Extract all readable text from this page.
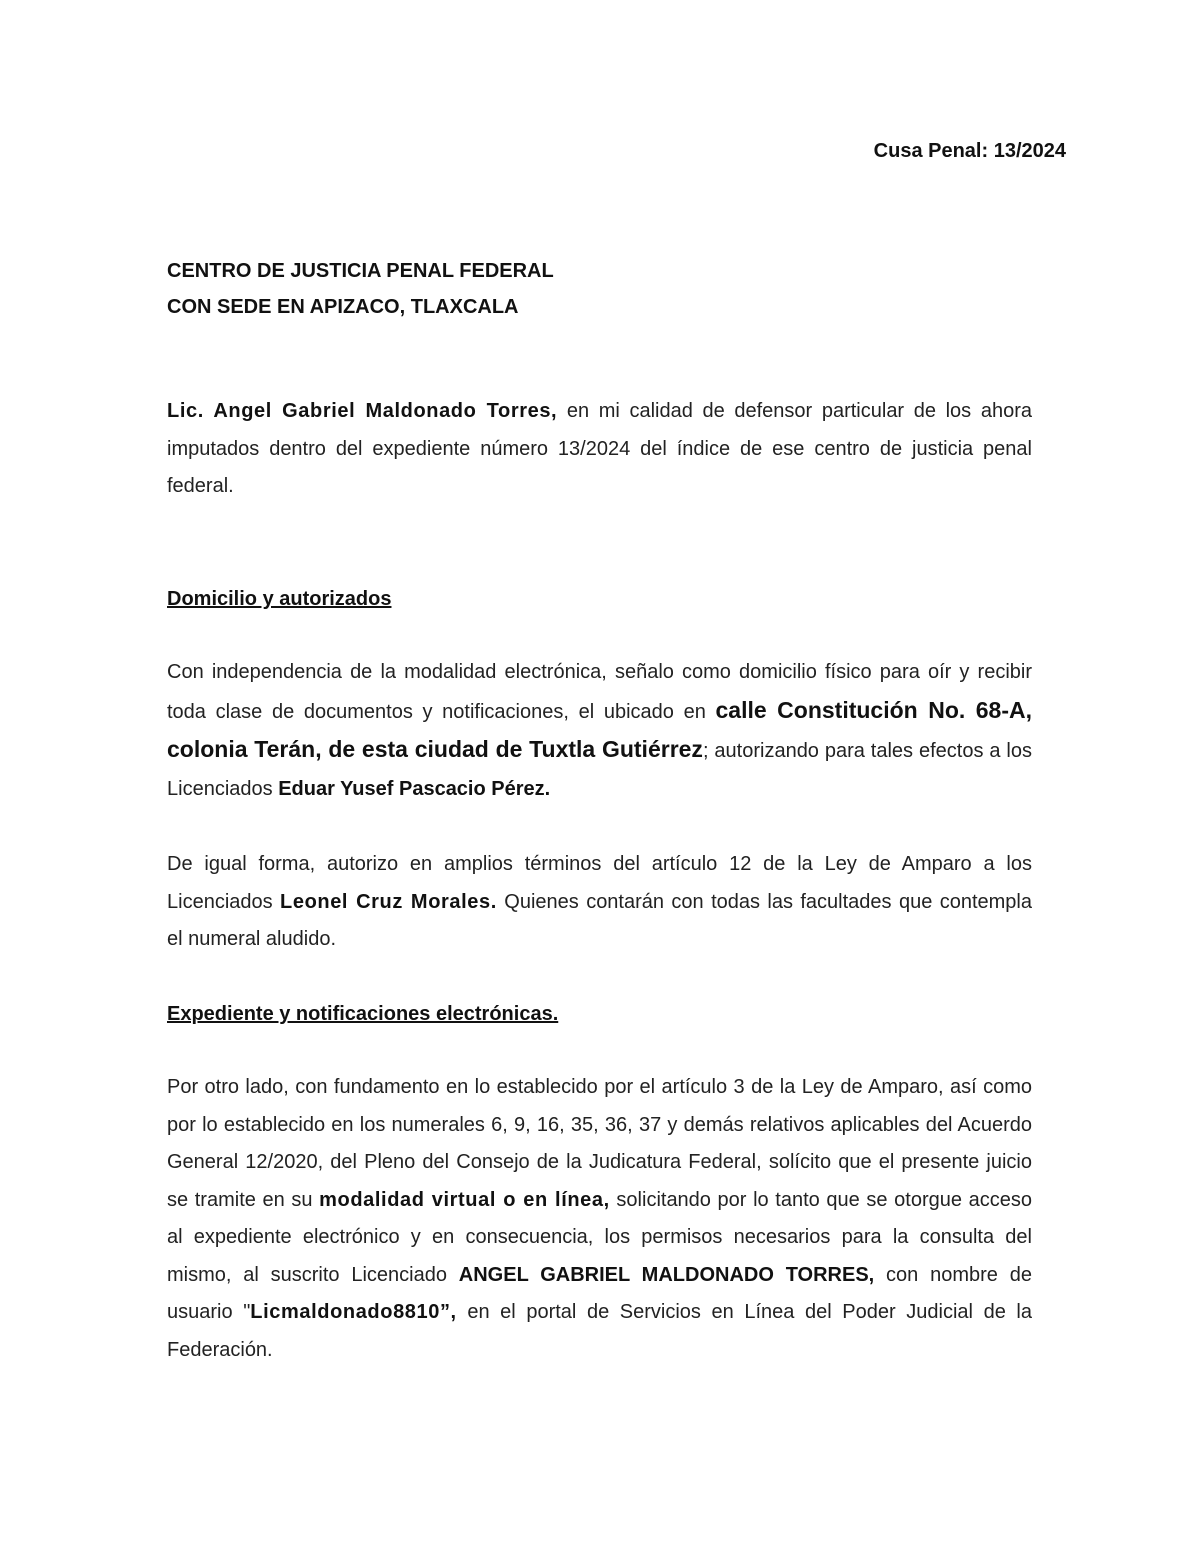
Cusa Penal: 13/2024
CENTRO DE JUSTICIA PENAL FEDERAL
CON SEDE EN APIZACO, TLAXCALA

Lic. Angel Gabriel Maldonado Torres, en mi calidad de defensor particular de los ahora imputados dentro del expediente número 13/2024 del índice de ese centro de justicia penal federal.

Domicilio y autorizados

Con independencia de la modalidad electrónica, señalo como domicilio físico para oír y recibir toda clase de documentos y notificaciones, el ubicado en calle Constitución No. 68-A, colonia Terán, de esta ciudad de Tuxtla Gutiérrez; autorizando para tales efectos a los Licenciados Eduar Yusef Pascacio Pérez.

De igual forma, autorizo en amplios términos del artículo 12 de la Ley de Amparo a los Licenciados Leonel Cruz Morales. Quienes contarán con todas las facultades que contempla el numeral aludido.

Expediente y notificaciones electrónicas.

Por otro lado, con fundamento en lo establecido por el artículo 3 de la Ley de Amparo, así como por lo establecido en los numerales 6, 9, 16, 35, 36, 37 y demás relativos aplicables del Acuerdo General 12/2020, del Pleno del Consejo de la Judicatura Federal, solícito que el presente juicio se tramite en su modalidad virtual o en línea, solicitando por lo tanto que se otorgue acceso al expediente electrónico y en consecuencia, los permisos necesarios para la consulta del mismo, al suscrito Licenciado ANGEL GABRIEL MALDONADO TORRES, con nombre de usuario "Licmaldonado8810”, en el portal de Servicios en Línea del Poder Judicial de la Federación.
